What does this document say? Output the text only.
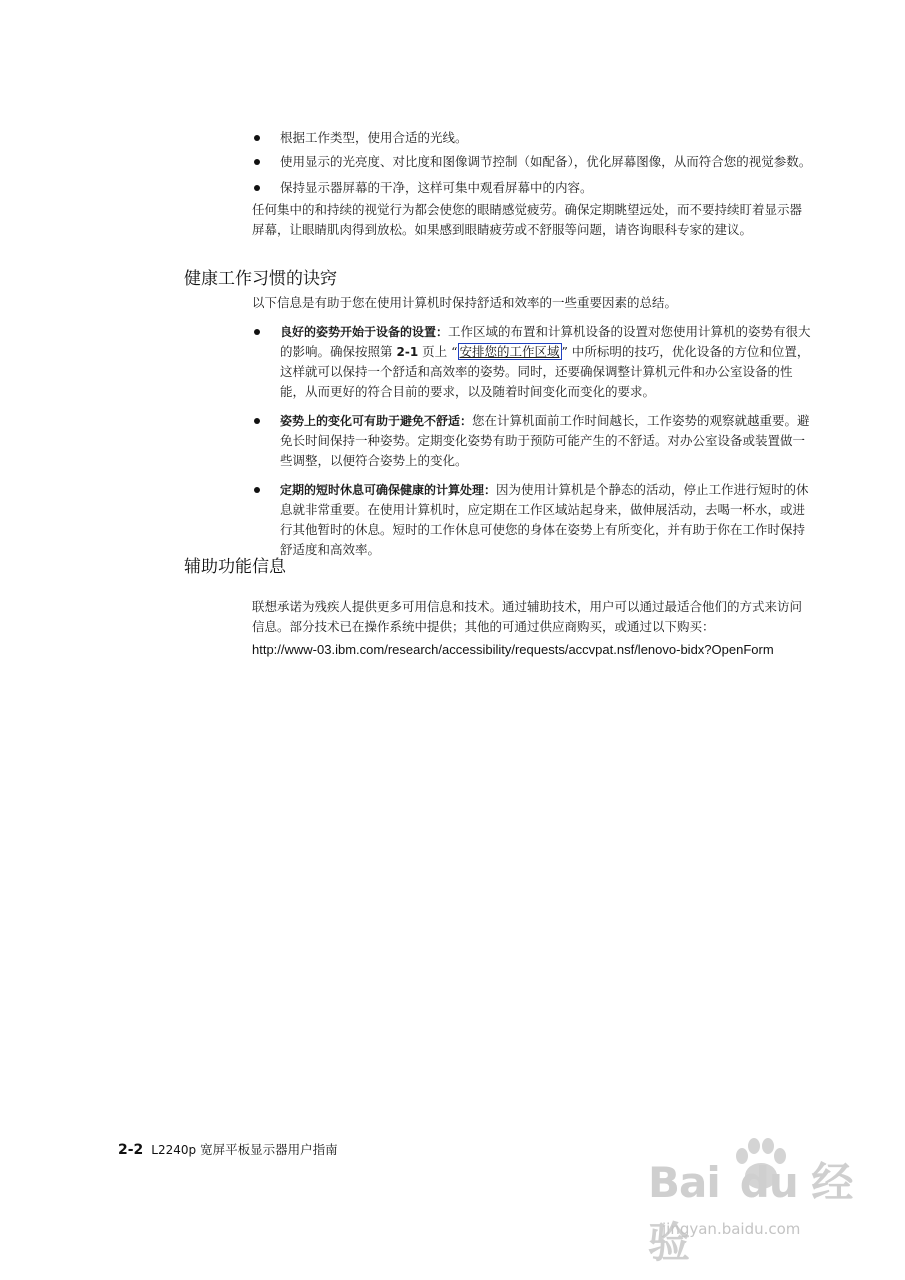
根据工作类型，使用合适的光线。

使用显示的光亮度、对比度和图像调节控制（如配备），优化屏幕图像，从而符合您的视觉参数。

保持显示器屏幕的干净，这样可集中观看屏幕中的内容。

任何集中的和持续的视觉行为都会使您的眼睛感觉疲劳。确保定期眺望远处，而不要持续盯着显示器屏幕，让眼睛肌肉得到放松。如果感到眼睛疲劳或不舒服等问题，请咨询眼科专家的建议。

健康工作习惯的诀窍

以下信息是有助于您在使用计算机时保持舒适和效率的一些重要因素的总结。

良好的姿势开始于设备的设置：工作区域的布置和计算机设备的设置对您使用计算机的姿势有很大的影响。确保按照第 2-1 页上 “ 安排您的工作区域 ” 中所标明的技巧，优化设备的方位和位置，这样就可以保持一个舒适和高效率的姿势。同时，还要确保调整计算机元件和办公室设备的性能，从而更好的符合目前的要求，以及随着时间变化而变化的要求。

姿势上的变化可有助于避免不舒适：您在计算机面前工作时间越长，工作姿势的观察就越重要。避免长时间保持一种姿势。定期变化姿势有助于预防可能产生的不舒适。对办公室设备或装置做一些调整，以便符合姿势上的变化。

定期的短时休息可确保健康的计算处理：因为使用计算机是个静态的活动，停止工作进行短时的休息就非常重要。在使用计算机时，应定期在工作区域站起身来，做伸展活动，去喝一杯水，或进行其他暂时的休息。短时的工作休息可使您的身体在姿势上有所变化，并有助于你在工作时保持舒适度和高效率。

辅助功能信息

联想承诺为残疾人提供更多可用信息和技术。通过辅助技术，用户可以通过最适合他们的方式来访问信息。部分技术已在操作系统中提供；其他的可通过供应商购买，或通过以下购买：

http://www-03.ibm.com/research/accessibility/requests/accvpat.nsf/lenovo-bidx?OpenForm
2-2 L2240p 宽屏平板显示器用户指南
Bai du 经验
jingyan.baidu.com
